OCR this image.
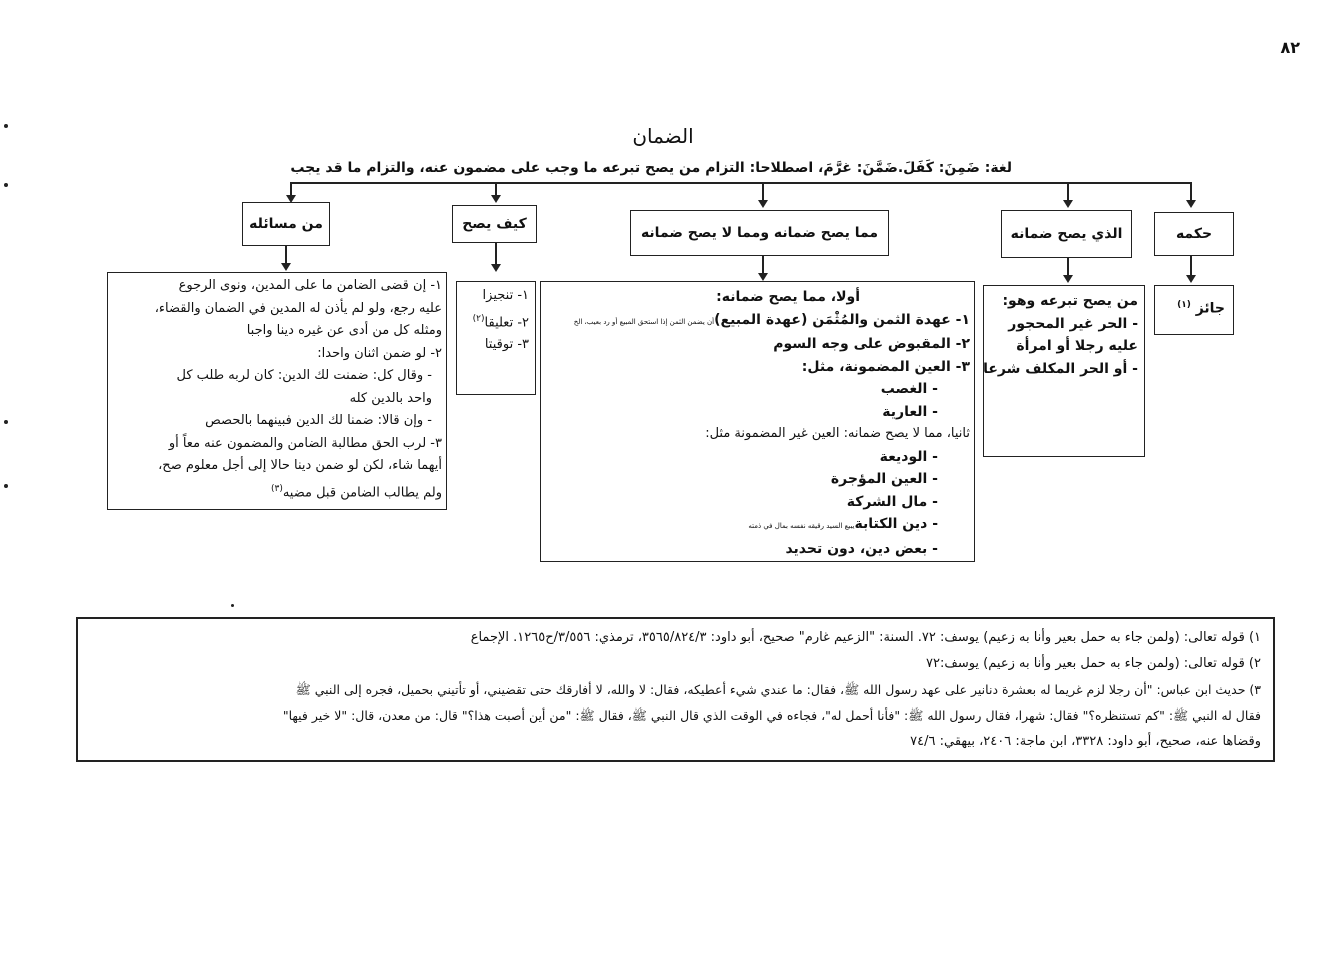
٨٢
الضمان
لغة: ضَمِنَ: كَفَلَ.ضَمَّنَ: غرَّمَ، اصطلاحا: التزام من يصح تبرعه ما وجب على مضمون عنه، والتزام ما قد يجب
حكمه
الذي يصح ضمانه
مما يصح ضمانه ومما لا يصح ضمانه
كيف يصح
من مسائله
جائز $^{(١)}$
من يصح تبرعه وهو:
- الحر غير المحجور
عليه رجلا أو امرأة
- أو الحر المكلف شرعا
أولا، مما يصح ضمانه:
١- عهدة الثمن والمُثْمَن (عهدة المبيع)أن يضمن الثمن إذا استحق المبيع أو رد بعيب، الخ
٢- المقبوض على وجه السوم
٣- العين المضمونة، مثل:
- الغصب
- العارية
ثانيا، مما لا يصح ضمانه: العين غير المضمونة مثل:
- الوديعة
- العين المؤجرة
- مال الشركة
- دين الكتابةيبيع السيد رقيقه نفسه بمال في ذمته
- بعض دين، دون تحديد
١- تنجيزا
٢- تعليقا$^{(٢)}$
٣- توقيتا
١- إن قضى الضامن ما على المدين، ونوى الرجوع
عليه رجع، ولو لم يأذن له المدين في الضمان والقضاء،
ومثله كل من أدى عن غيره دينا واجبا
٢- لو ضمن اثنان واحدا:
- وقال كل: ضمنت لك الدين: كان لربه طلب كل
واحد بالدين كله
- وإن قالا: ضمنا لك الدين فبينهما بالحصص
٣- لرب الحق مطالبة الضامن والمضمون عنه معاً أو
أيهما شاء، لكن لو ضمن دينا حالا إلى أجل معلوم صح،
ولم يطالب الضامن قبل مضيه$^{(٣)}$
١) قوله تعالى: (ولمن جاء به حمل بعير وأنا به زعيم) يوسف: ٧٢. السنة: "الزعيم غارم" صحيح، أبو داود: ٣٥٦٥/٨٢٤/٣، ترمذي: ٣/٥٥٦/ح١٢٦٥. الإجماع
٢) قوله تعالى: (ولمن جاء به حمل بعير وأنا به زعيم) يوسف:٧٢
٣) حديث ابن عباس: "أن رجلا لزم غريما له بعشرة دنانير على عهد رسول الله ﷺ، فقال: ما عندي شيء أعطيكه، فقال: لا والله، لا أفارقك حتى تقضيني، أو تأتيني بحميل، فجره إلى النبي ﷺ
فقال له النبي ﷺ: "كم تستنظره؟" فقال: شهرا، فقال رسول الله ﷺ: "فأنا أحمل له"، فجاءه في الوقت الذي قال النبي ﷺ، فقال ﷺ: "من أين أصبت هذا؟" قال: من معدن، قال: "لا خير فيها"
وقضاها عنه، صحيح، أبو داود: ٣٣٢٨، ابن ماجة: ٢٤٠٦، بيهقي: ٧٤/٦
